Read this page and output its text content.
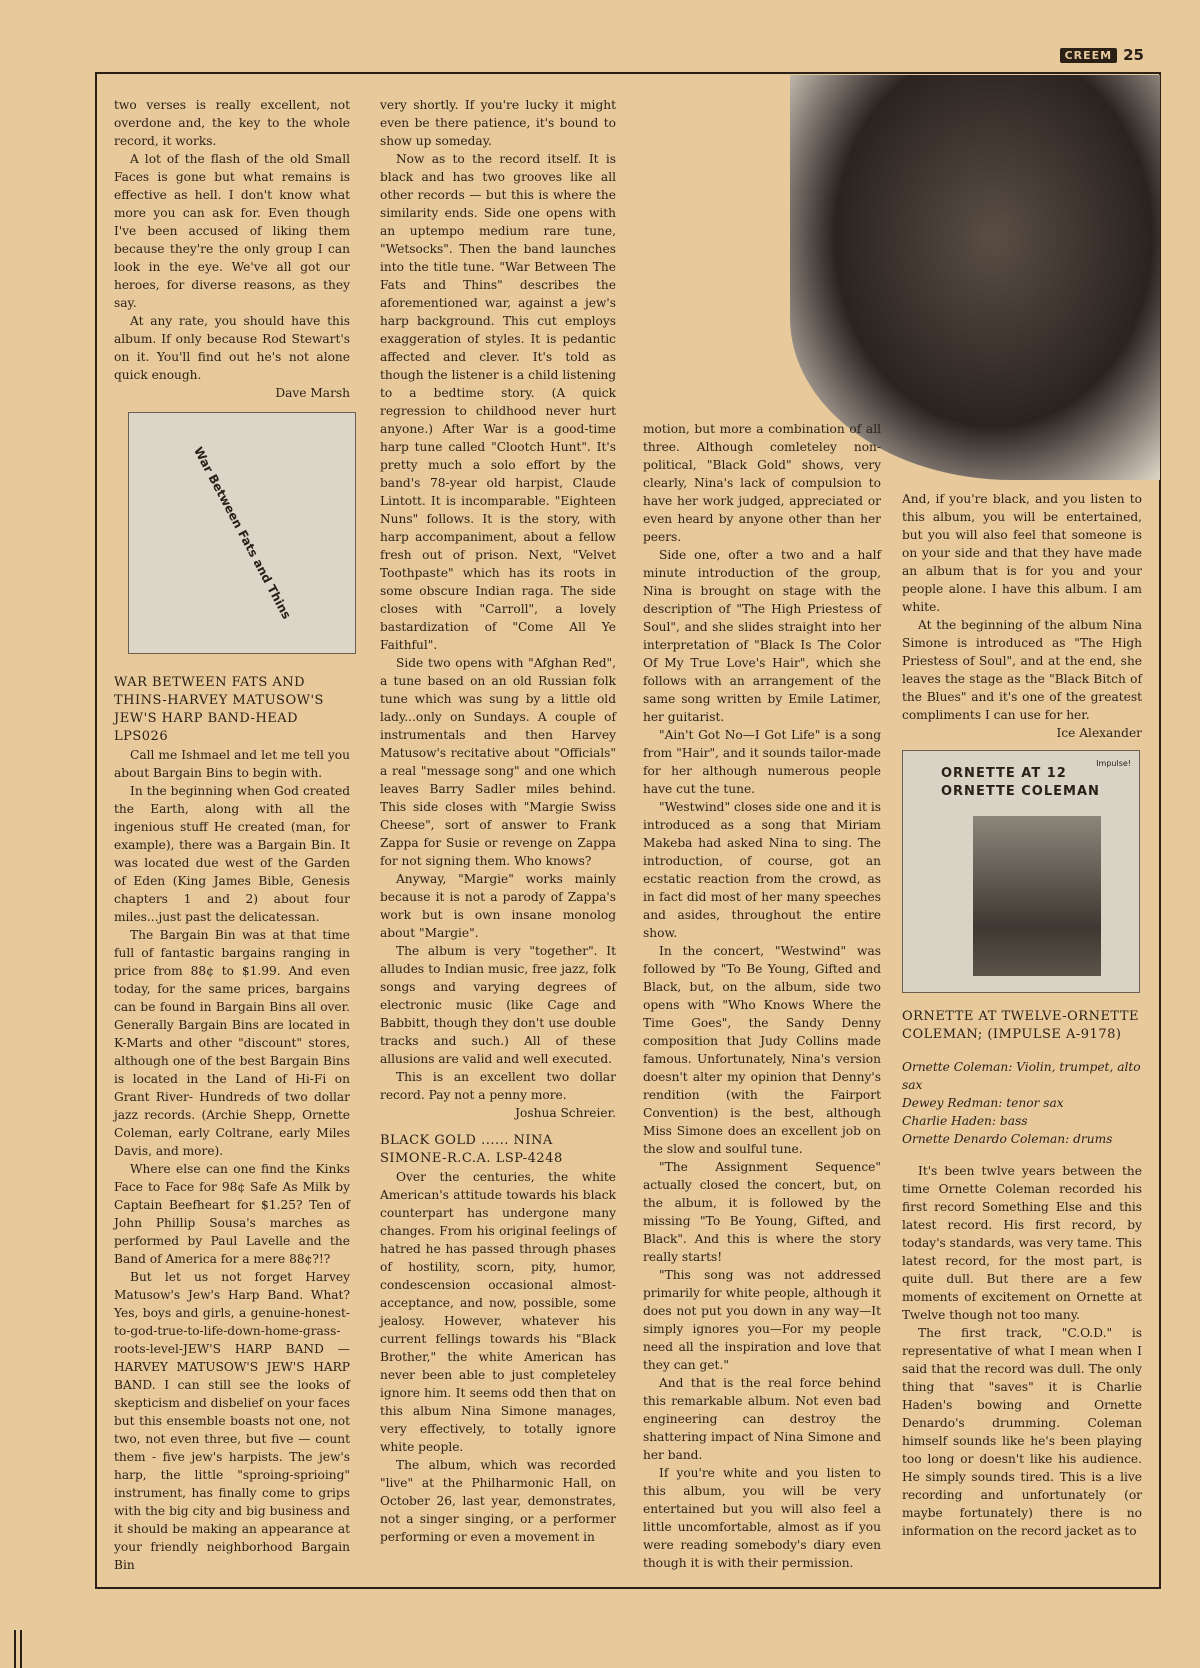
CREEM 25
War Between Fats and Thins
Impulse!
ORNETTE AT 12 ORNETTE COLEMAN

two verses is really excellent, not overdone and, the key to the whole record, it works.

A lot of the flash of the old Small Faces is gone but what remains is effective as hell. I don't know what more you can ask for. Even though I've been accused of liking them because they're the only group I can look in the eye. We've all got our heroes, for diverse reasons, as they say.

At any rate, you should have this album. If only because Rod Stewart's on it. You'll find out he's not alone quick enough.

Dave Marsh

WAR BETWEEN FATS AND THINS-HARVEY MATUSOW'S JEW'S HARP BAND-HEAD LPS026

Call me Ishmael and let me tell you about Bargain Bins to begin with.

In the beginning when God created the Earth, along with all the ingenious stuff He created (man, for example), there was a Bargain Bin. It was located due west of the Garden of Eden (King James Bible, Genesis chapters 1 and 2) about four miles...just past the delicatessan.

The Bargain Bin was at that time full of fantastic bargains ranging in price from 88¢ to $1.99. And even today, for the same prices, bargains can be found in Bargain Bins all over. Generally Bargain Bins are located in K-Marts and other "discount" stores, although one of the best Bargain Bins is located in the Land of Hi-Fi on Grant River- Hundreds of two dollar jazz records. (Archie Shepp, Ornette Coleman, early Coltrane, early Miles Davis, and more).

Where else can one find the Kinks Face to Face for 98¢ Safe As Milk by Captain Beefheart for $1.25? Ten of John Phillip Sousa's marches as performed by Paul Lavelle and the Band of America for a mere 88¢?!?

But let us not forget Harvey Matusow's Jew's Harp Band. What? Yes, boys and girls, a genuine-honest-to-god-true-to-life-down-home-grass-roots-level-JEW'S HARP BAND — HARVEY MATUSOW'S JEW'S HARP BAND. I can still see the looks of skepticism and disbelief on your faces but this ensemble boasts not one, not two, not even three, but five — count them - five jew's harpists. The jew's harp, the little "sproing-sprioing" instrument, has finally come to grips with the big city and big business and it should be making an appearance at your friendly neighborhood Bargain Bin

very shortly. If you're lucky it might even be there patience, it's bound to show up someday.

Now as to the record itself. It is black and has two grooves like all other records — but this is where the similarity ends. Side one opens with an uptempo medium rare tune, "Wetsocks". Then the band launches into the title tune. "War Between The Fats and Thins" describes the aforementioned war, against a jew's harp background. This cut employs exaggeration of styles. It is pedantic affected and clever. It's told as though the listener is a child listening to a bedtime story. (A quick regression to childhood never hurt anyone.) After War is a good-time harp tune called "Clootch Hunt". It's pretty much a solo effort by the band's 78-year old harpist, Claude Lintott. It is incomparable. "Eighteen Nuns" follows. It is the story, with harp accompaniment, about a fellow fresh out of prison. Next, "Velvet Toothpaste" which has its roots in some obscure Indian raga. The side closes with "Carroll", a lovely bastardization of "Come All Ye Faithful".

Side two opens with "Afghan Red", a tune based on an old Russian folk tune which was sung by a little old lady...only on Sundays. A couple of instrumentals and then Harvey Matusow's recitative about "Officials" a real "message song" and one which leaves Barry Sadler miles behind. This side closes with "Margie Swiss Cheese", sort of answer to Frank Zappa for Susie or revenge on Zappa for not signing them. Who knows?

Anyway, "Margie" works mainly because it is not a parody of Zappa's work but is own insane monolog about "Margie".

The album is very "together". It alludes to Indian music, free jazz, folk songs and varying degrees of electronic music (like Cage and Babbitt, though they don't use double tracks and such.) All of these allusions are valid and well executed.

This is an excellent two dollar record. Pay not a penny more.

Joshua Schreier.

BLACK GOLD ...... NINA SIMONE-R.C.A. LSP-4248

Over the centuries, the white American's attitude towards his black counterpart has undergone many changes. From his original feelings of hatred he has passed through phases of hostility, scorn, pity, humor, condescension occasional almost-acceptance, and now, possible, some jealosy. However, whatever his current fellings towards his "Black Brother," the white American has never been able to just completeley ignore him. It seems odd then that on this album Nina Simone manages, very effectively, to totally ignore white people.

The album, which was recorded "live" at the Philharmonic Hall, on October 26, last year, demonstrates, not a singer singing, or a performer performing or even a movement in

motion, but more a combination of all three. Although comleteley non-political, "Black Gold" shows, very clearly, Nina's lack of compulsion to have her work judged, appreciated or even heard by anyone other than her peers.

Side one, ofter a two and a half minute introduction of the group, Nina is brought on stage with the description of "The High Priestess of Soul", and she slides straight into her interpretation of "Black Is The Color Of My True Love's Hair", which she follows with an arrangement of the same song written by Emile Latimer, her guitarist.

"Ain't Got No—I Got Life" is a song from "Hair", and it sounds tailor-made for her although numerous people have cut the tune.

"Westwind" closes side one and it is introduced as a song that Miriam Makeba had asked Nina to sing. The introduction, of course, got an ecstatic reaction from the crowd, as in fact did most of her many speeches and asides, throughout the entire show.

In the concert, "Westwind" was followed by "To Be Young, Gifted and Black, but, on the album, side two opens with "Who Knows Where the Time Goes", the Sandy Denny composition that Judy Collins made famous. Unfortunately, Nina's version doesn't alter my opinion that Denny's rendition (with the Fairport Convention) is the best, although Miss Simone does an excellent job on the slow and soulful tune.

"The Assignment Sequence" actually closed the concert, but, on the album, it is followed by the missing "To Be Young, Gifted, and Black". And this is where the story really starts!

"This song was not addressed primarily for white people, although it does not put you down in any way—It simply ignores you—For my people need all the inspiration and love that they can get."

And that is the real force behind this remarkable album. Not even bad engineering can destroy the shattering impact of Nina Simone and her band.

If you're white and you listen to this album, you will be very entertained but you will also feel a little uncomfortable, almost as if you were reading somebody's diary even though it is with their permission.

And, if you're black, and you listen to this album, you will be entertained, but you will also feel that someone is on your side and that they have made an album that is for you and your people alone. I have this album. I am white.

At the beginning of the album Nina Simone is introduced as "The High Priestess of Soul", and at the end, she leaves the stage as the "Black Bitch of the Blues" and it's one of the greatest compliments I can use for her.

Ice Alexander

ORNETTE AT TWELVE-ORNETTE COLEMAN; (IMPULSE A-9178)

Ornette Coleman: Violin, trumpet, alto sax

Dewey Redman: tenor sax

Charlie Haden: bass

Ornette Denardo Coleman: drums

It's been twlve years between the time Ornette Coleman recorded his first record Something Else and this latest record. His first record, by today's standards, was very tame. This latest record, for the most part, is quite dull. But there are a few moments of excitement on Ornette at Twelve though not too many.

The first track, "C.O.D." is representative of what I mean when I said that the record was dull. The only thing that "saves" it is Charlie Haden's bowing and Ornette Denardo's drumming. Coleman himself sounds like he's been playing too long or doesn't like his audience. He simply sounds tired. This is a live recording and unfortunately (or maybe fortunately) there is no information on the record jacket as to
